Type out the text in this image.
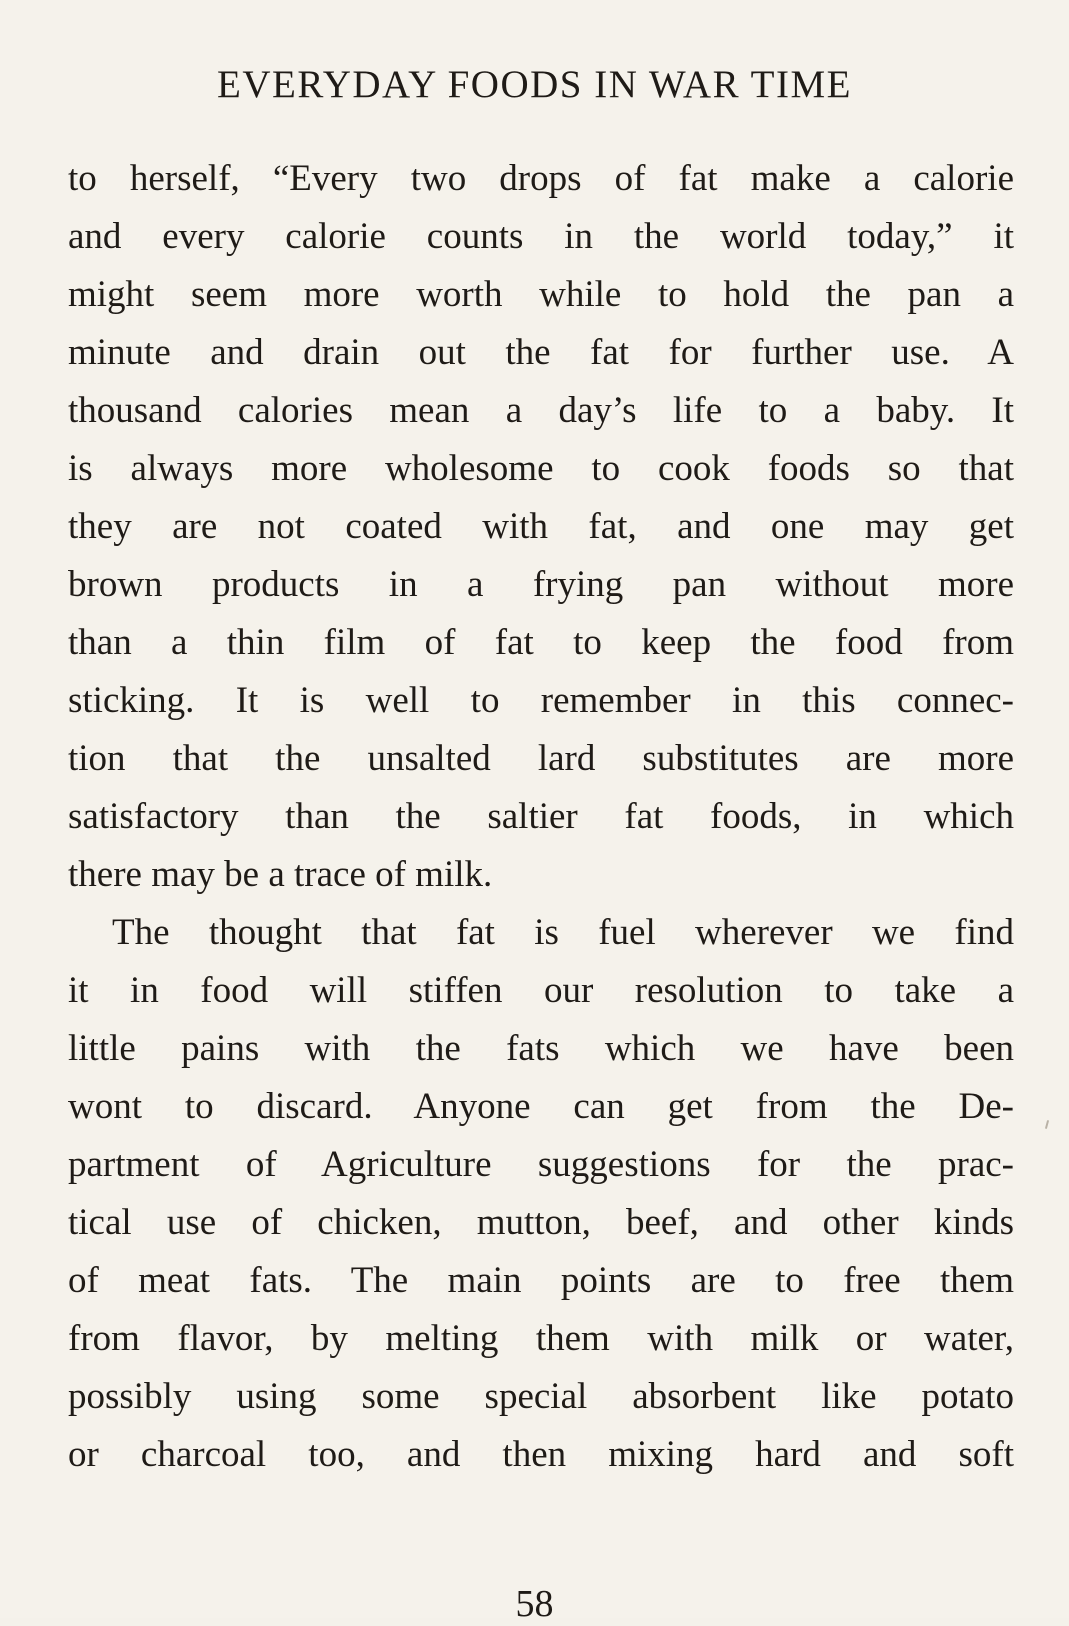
EVERYDAY FOODS IN WAR TIME
to herself, “Every two drops of fat make a calorie
and every calorie counts in the world today,” it
might seem more worth while to hold the pan a
minute and drain out the fat for further use. A
thousand calories mean a day’s life to a baby. It
is always more wholesome to cook foods so that
they are not coated with fat, and one may get
brown products in a frying pan without more
than a thin film of fat to keep the food from
sticking. It is well to remember in this connec-
tion that the unsalted lard substitutes are more
satisfactory than the saltier fat foods, in which
there may be a trace of milk.
The thought that fat is fuel wherever we find
it in food will stiffen our resolution to take a
little pains with the fats which we have been
wont to discard. Anyone can get from the De-
partment of Agriculture suggestions for the prac-
tical use of chicken, mutton, beef, and other kinds
of meat fats. The main points are to free them
from flavor, by melting them with milk or water,
possibly using some special absorbent like potato
or charcoal too, and then mixing hard and soft
58
